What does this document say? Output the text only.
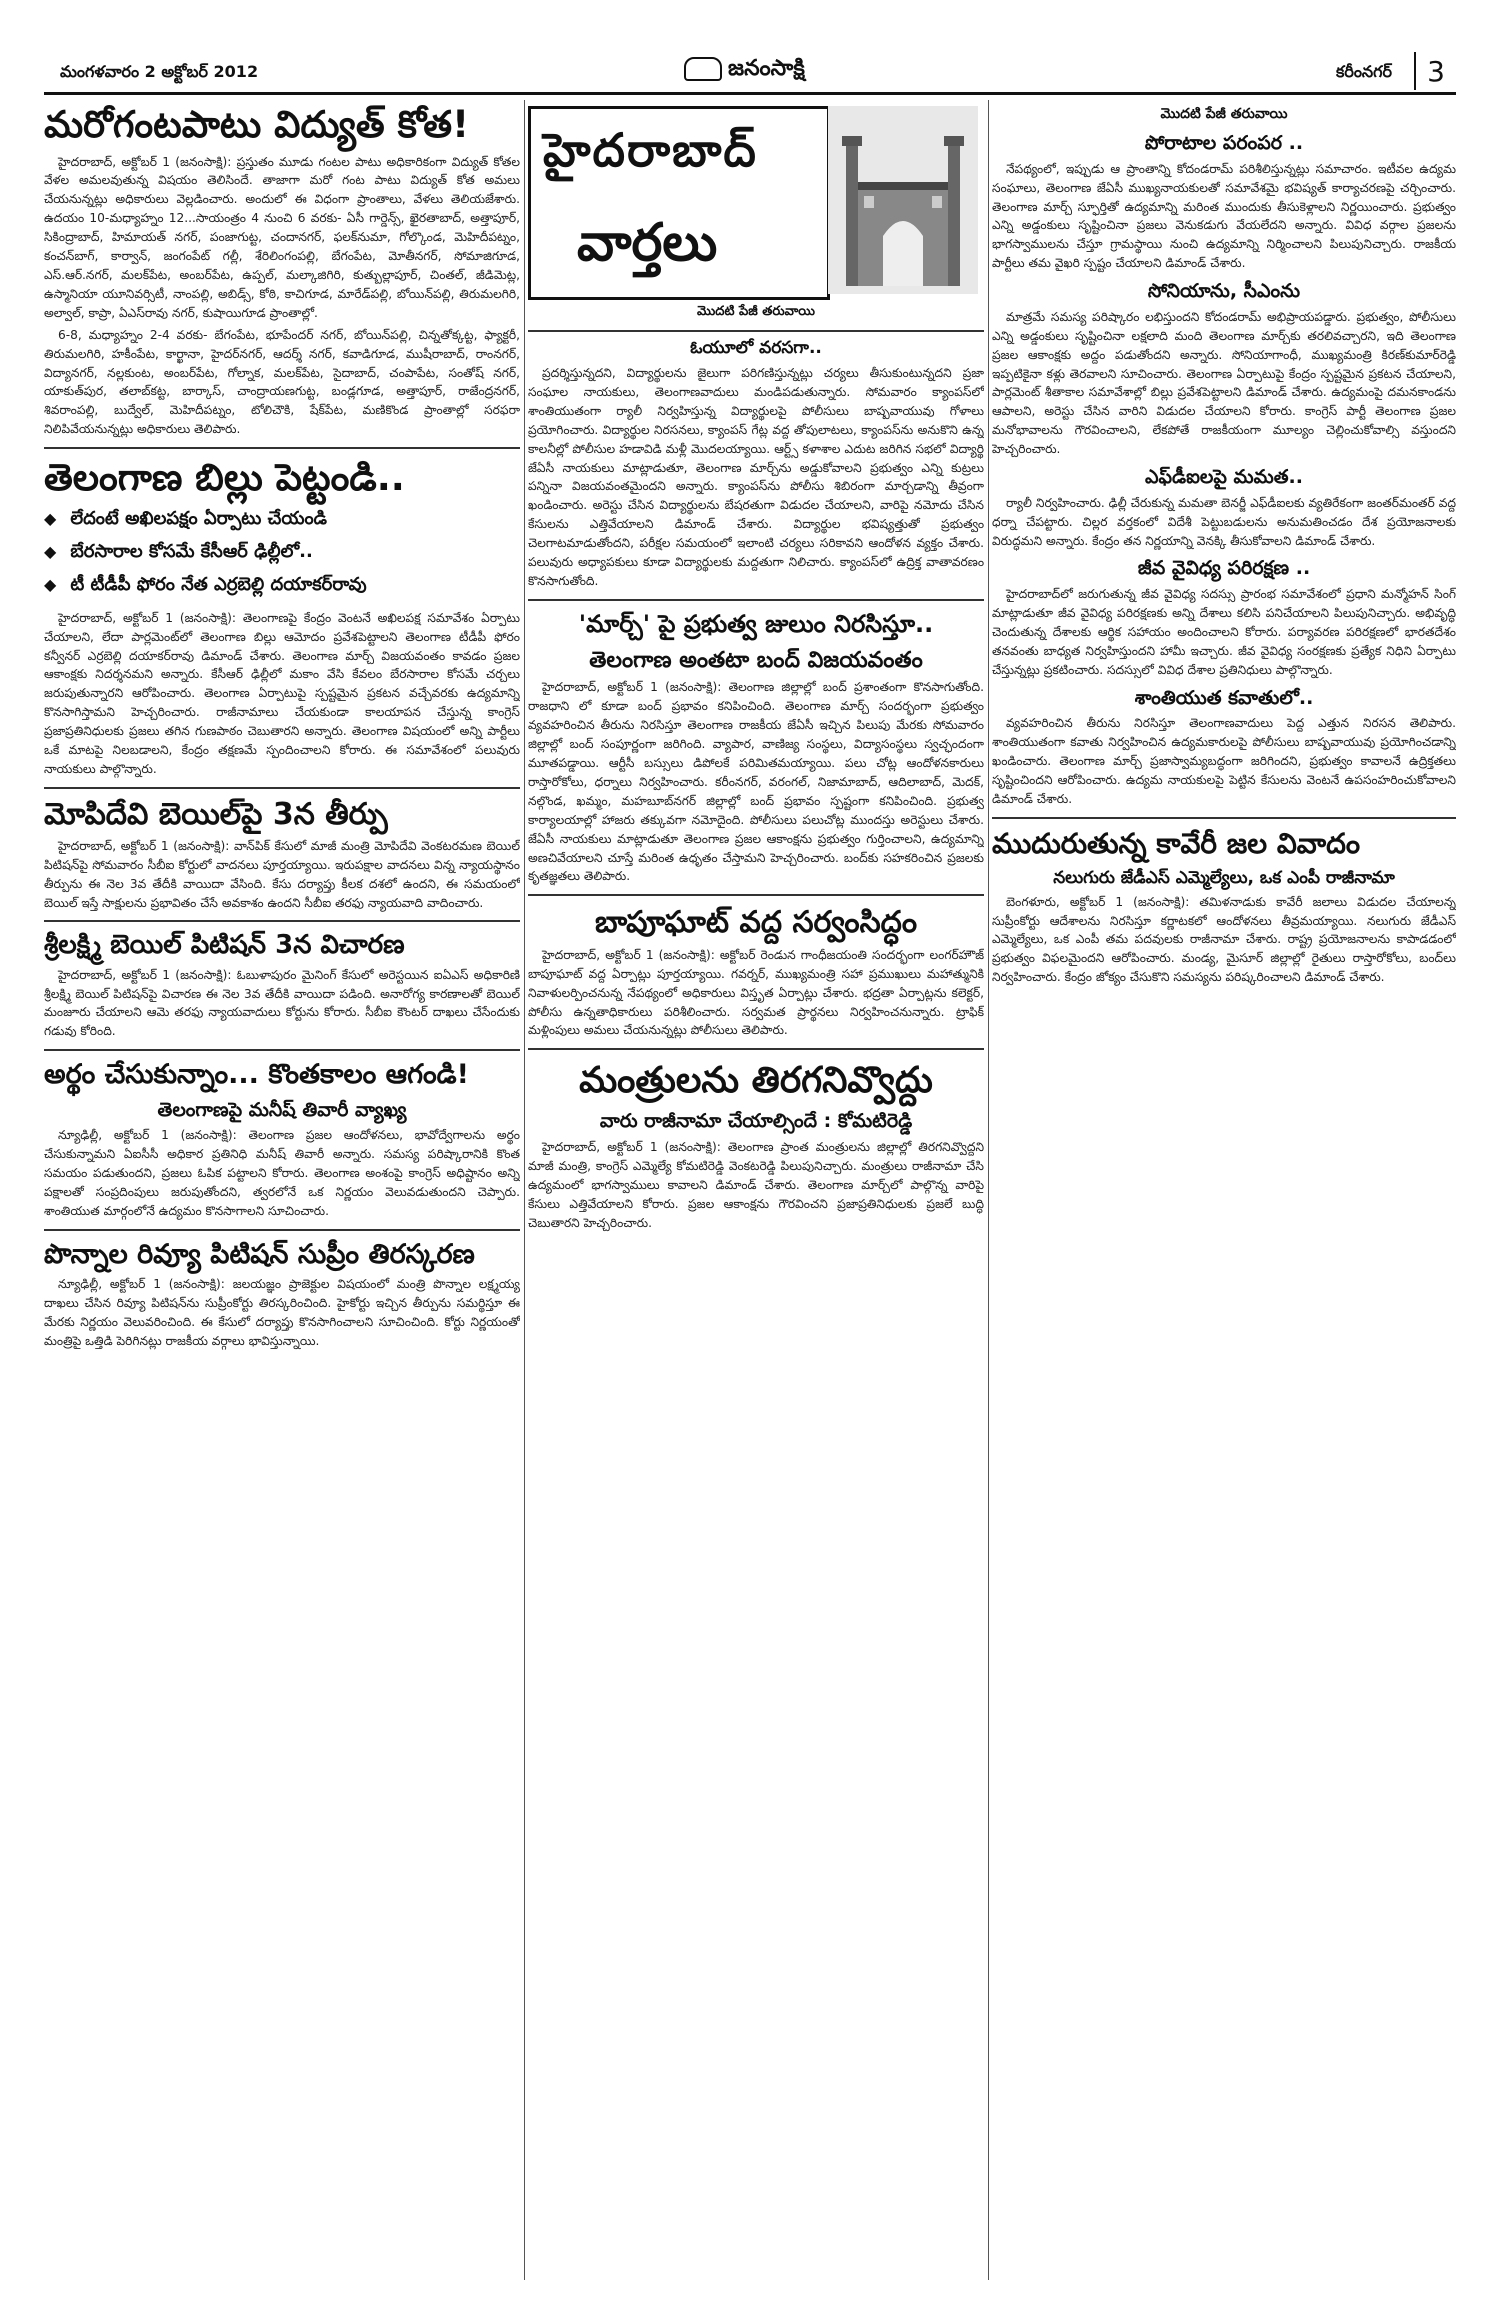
మంగళవారం 2 అక్టోబర్ 2012	జనంసాక్షి	కరీంనగర్	3
మరోగంటపాటు విద్యుత్ కోత!

హైదరాబాద్, అక్టోబర్ 1 (జనంసాక్షి): ప్రస్తుతం మూడు గంటల పాటు అధికారికంగా విద్యుత్ కోతల వేళల అమలవుతున్న విషయం తెలిసిందే. తాజాగా మరో గంట పాటు విద్యుత్ కోత అమలు చేయనున్నట్లు అధికారులు వెల్లడించారు. అందులో ఈ విధంగా ప్రాంతాలు, వేళలు తెలియజేశారు. ఉదయం 10-మధ్యాహ్నం 12...సాయంత్రం 4 నుంచి 6 వరకు- ఏసీ గార్డెన్స్, ఖైరతాబాద్, అత్తాపూర్, సికింద్రాబాద్, హిమాయత్ నగర్, పంజాగుట్ట, చందానగర్, ఫలక్‌నుమా, గోల్కొండ, మెహిదీపట్నం, కంచన్‌బాగ్, కార్వాన్, జంగంపేట్ గల్లీ, శేరిలింగంపల్లి, బేగంపేట, మోతీనగర్, సోమాజిగూడ, ఎస్.ఆర్.నగర్, మలక్‌పేట, అంబర్‌పేట, ఉప్పల్, మల్కాజిగిరి, కుత్బుల్లాపూర్, చింతల్, జీడిమెట్ల, ఉస్మానియా యూనివర్సిటీ, నాంపల్లి, అబిడ్స్, కోఠి, కాచిగూడ, మారేడ్‌పల్లి, బోయిన్‌పల్లి, తిరుమలగిరి, అల్వాల్, కాప్రా, ఏఎస్‌రావు నగర్, కుషాయిగూడ ప్రాంతాల్లో.

6-8, మధ్యాహ్నం 2-4 వరకు- బేగంపేట, భూపేందర్ నగర్, బోయిన్‌పల్లి, చిన్నతోక్కట్ట, ఫ్యాక్టరీ, తిరుమలగిరి, హకీంపేట, కార్ఖానా, హైదర్‌నగర్, ఆదర్శ్ నగర్, కవాడిగూడ, ముషీరాబాద్, రాంనగర్, విద్యానగర్, నల్లకుంట, అంబర్‌పేట, గోల్నాక, మలక్‌పేట, సైదాబాద్, చంపాపేట, సంతోష్ నగర్, యాకుత్‌పుర, తలాబ్‌కట్ట, బార్కాస్, చాంద్రాయణగుట్ట, బండ్లగూడ, అత్తాపూర్, రాజేంద్రనగర్, శివరాంపల్లి, బుద్వేల్, మెహిదీపట్నం, టోలిచౌకి, షేక్‌పేట, మణికొండ ప్రాంతాల్లో సరఫరా నిలిపివేయనున్నట్లు అధికారులు తెలిపారు.

తెలంగాణ బిల్లు పెట్టండి..
◆ లేదంటే అఖిలపక్షం ఏర్పాటు చేయండి
◆ బేరసారాల కోసమే కేసీఆర్ ఢిల్లీలో..
◆ టీ టీడీపీ ఫోరం నేత ఎర్రబెల్లి దయాకర్‌రావు

హైదరాబాద్, అక్టోబర్ 1 (జనంసాక్షి): తెలంగాణపై కేంద్రం వెంటనే అఖిలపక్ష సమావేశం ఏర్పాటు చేయాలని, లేదా పార్లమెంట్‌లో తెలంగాణ బిల్లు ఆమోదం ప్రవేశపెట్టాలని తెలంగాణ టీడీపీ ఫోరం కన్వీనర్ ఎర్రబెల్లి దయాకర్‌రావు డిమాండ్ చేశారు. తెలంగాణ మార్చ్‌ విజయవంతం కావడం ప్రజల ఆకాంక్షకు నిదర్శనమని అన్నారు. కేసీఆర్ ఢిల్లీలో మకాం వేసి కేవలం బేరసారాల కోసమే చర్చలు జరుపుతున్నారని ఆరోపించారు. తెలంగాణ ఏర్పాటుపై స్పష్టమైన ప్రకటన వచ్చేవరకు ఉద్యమాన్ని కొనసాగిస్తామని హెచ్చరించారు. రాజీనామాలు చేయకుండా కాలయాపన చేస్తున్న కాంగ్రెస్ ప్రజాప్రతినిధులకు ప్రజలు తగిన గుణపాఠం చెబుతారని అన్నారు. తెలంగాణ విషయంలో అన్ని పార్టీలు ఒకే మాటపై నిలబడాలని, కేంద్రం తక్షణమే స్పందించాలని కోరారు. ఈ సమావేశంలో పలువురు నాయకులు పాల్గొన్నారు.

మోపిదేవి బెయిల్‌పై 3న తీర్పు

హైదరాబాద్, అక్టోబర్ 1 (జనంసాక్షి): వాన్‌పిక్ కేసులో మాజీ మంత్రి మోపిదేవి వెంకటరమణ బెయిల్ పిటిషన్‌పై సోమవారం సీబీఐ కోర్టులో వాదనలు పూర్తయ్యాయి. ఇరుపక్షాల వాదనలు విన్న న్యాయస్థానం తీర్పును ఈ నెల 3వ తేదీకి వాయిదా వేసింది. కేసు దర్యాప్తు కీలక దశలో ఉందని, ఈ సమయంలో బెయిల్ ఇస్తే సాక్షులను ప్రభావితం చేసే అవకాశం ఉందని సీబీఐ తరఫు న్యాయవాది వాదించారు.

శ్రీలక్ష్మి బెయిల్ పిటిషన్ 3న విచారణ

హైదరాబాద్, అక్టోబర్ 1 (జనంసాక్షి): ఓబుళాపురం మైనింగ్ కేసులో అరెస్టయిన ఐఏఎస్ అధికారిణి శ్రీలక్ష్మి బెయిల్ పిటిషన్‌పై విచారణ ఈ నెల 3వ తేదీకి వాయిదా పడింది. అనారోగ్య కారణాలతో బెయిల్ మంజూరు చేయాలని ఆమె తరఫు న్యాయవాదులు కోర్టును కోరారు. సీబీఐ కౌంటర్ దాఖలు చేసేందుకు గడువు కోరింది.

అర్థం చేసుకున్నాం... కొంతకాలం ఆగండి!
తెలంగాణపై మనీష్ తివారీ వ్యాఖ్య

న్యూఢిల్లీ, అక్టోబర్ 1 (జనంసాక్షి): తెలంగాణ ప్రజల ఆందోళనలు, భావోద్వేగాలను అర్థం చేసుకున్నామని ఏఐసీసీ అధికార ప్రతినిధి మనీష్ తివారీ అన్నారు. సమస్య పరిష్కారానికి కొంత సమయం పడుతుందని, ప్రజలు ఓపిక పట్టాలని కోరారు. తెలంగాణ అంశంపై కాంగ్రెస్ అధిష్టానం అన్ని పక్షాలతో సంప్రదింపులు జరుపుతోందని, త్వరలోనే ఒక నిర్ణయం వెలువడుతుందని చెప్పారు. శాంతియుత మార్గంలోనే ఉద్యమం కొనసాగాలని సూచించారు.

పొన్నాల రివ్యూ పిటిషన్ సుప్రీం తిరస్కరణ

న్యూఢిల్లీ, అక్టోబర్ 1 (జనంసాక్షి): జలయజ్ఞం ప్రాజెక్టుల విషయంలో మంత్రి పొన్నాల లక్ష్మయ్య దాఖలు చేసిన రివ్యూ పిటిషన్‌ను సుప్రీంకోర్టు తిరస్కరించింది. హైకోర్టు ఇచ్చిన తీర్పును సమర్థిస్తూ ఈ మేరకు నిర్ణయం వెలువరించింది. ఈ కేసులో దర్యాప్తు కొనసాగించాలని సూచించింది. కోర్టు నిర్ణయంతో మంత్రిపై ఒత్తిడి పెరిగినట్లు రాజకీయ వర్గాలు భావిస్తున్నాయి.

హైదరాబాద్
వార్తలు
మొదటి పేజీ తరువాయి
ఓయూలో వరసగా..

ప్రదర్శిస్తున్నదని, విద్యార్థులను జైలుగా పరిగణిస్తున్నట్లు చర్యలు తీసుకుంటున్నదని ప్రజా సంఘాల నాయకులు, తెలంగాణవాదులు మండిపడుతున్నారు. సోమవారం క్యాంపస్‌లో శాంతియుతంగా ర్యాలీ నిర్వహిస్తున్న విద్యార్థులపై పోలీసులు బాష్పవాయువు గోళాలు ప్రయోగించారు. విద్యార్థుల నిరసనలు, క్యాంపస్ గేట్ల వద్ద తోపులాటలు, క్యాంపస్‌ను అనుకొని ఉన్న కాలనీల్లో పోలీసుల హడావిడి మళ్లీ మొదలయ్యాయి. ఆర్ట్స్ కళాశాల ఎదుట జరిగిన సభలో విద్యార్థి జేఏసీ నాయకులు మాట్లాడుతూ, తెలంగాణ మార్చ్‌ను అడ్డుకోవాలని ప్రభుత్వం ఎన్ని కుట్రలు పన్నినా విజయవంతమైందని అన్నారు. క్యాంపస్‌ను పోలీసు శిబిరంగా మార్చడాన్ని తీవ్రంగా ఖండించారు. అరెస్టు చేసిన విద్యార్థులను బేషరతుగా విడుదల చేయాలని, వారిపై నమోదు చేసిన కేసులను ఎత్తివేయాలని డిమాండ్ చేశారు. విద్యార్థుల భవిష్యత్తుతో ప్రభుత్వం చెలగాటమాడుతోందని, పరీక్షల సమయంలో ఇలాంటి చర్యలు సరికావని ఆందోళన వ్యక్తం చేశారు. పలువురు అధ్యాపకులు కూడా విద్యార్థులకు మద్దతుగా నిలిచారు. క్యాంపస్‌లో ఉద్రిక్త వాతావరణం కొనసాగుతోంది.

'మార్చ్' పై ప్రభుత్వ జులుం నిరసిస్తూ..
తెలంగాణ అంతటా బంద్ విజయవంతం

హైదరాబాద్, అక్టోబర్ 1 (జనంసాక్షి): తెలంగాణ జిల్లాల్లో బంద్ ప్రశాంతంగా కొనసాగుతోంది. రాజధాని లో కూడా బంద్ ప్రభావం కనిపించింది. తెలంగాణ మార్చ్‌ సందర్భంగా ప్రభుత్వం వ్యవహరించిన తీరును నిరసిస్తూ తెలంగాణ రాజకీయ జేఏసీ ఇచ్చిన పిలుపు మేరకు సోమవారం జిల్లాల్లో బంద్ సంపూర్ణంగా జరిగింది. వ్యాపార, వాణిజ్య సంస్థలు, విద్యాసంస్థలు స్వచ్ఛందంగా మూతపడ్డాయి. ఆర్టీసీ బస్సులు డిపోలకే పరిమితమయ్యాయి. పలు చోట్ల ఆందోళనకారులు రాస్తారోకోలు, ధర్నాలు నిర్వహించారు. కరీంనగర్, వరంగల్, నిజామాబాద్, ఆదిలాబాద్, మెదక్, నల్గొండ, ఖమ్మం, మహబూబ్‌నగర్ జిల్లాల్లో బంద్ ప్రభావం స్పష్టంగా కనిపించింది. ప్రభుత్వ కార్యాలయాల్లో హాజరు తక్కువగా నమోదైంది. పోలీసులు పలుచోట్ల ముందస్తు అరెస్టులు చేశారు. జేఏసీ నాయకులు మాట్లాడుతూ తెలంగాణ ప్రజల ఆకాంక్షను ప్రభుత్వం గుర్తించాలని, ఉద్యమాన్ని అణచివేయాలని చూస్తే మరింత ఉధృతం చేస్తామని హెచ్చరించారు. బంద్‌కు సహకరించిన ప్రజలకు కృతజ్ఞతలు తెలిపారు.

బాపూఘాట్ వద్ద సర్వంసిద్ధం

హైదరాబాద్, అక్టోబర్ 1 (జనంసాక్షి): అక్టోబర్ రెండున గాంధీజయంతి సందర్భంగా లంగర్‌హౌజ్ బాపూఘాట్ వద్ద ఏర్పాట్లు పూర్తయ్యాయి. గవర్నర్, ముఖ్యమంత్రి సహా ప్రముఖులు మహాత్మునికి నివాళులర్పించనున్న నేపథ్యంలో అధికారులు విస్తృత ఏర్పాట్లు చేశారు. భద్రతా ఏర్పాట్లను కలెక్టర్, పోలీసు ఉన్నతాధికారులు పరిశీలించారు. సర్వమత ప్రార్థనలు నిర్వహించనున్నారు. ట్రాఫిక్ మళ్లింపులు అమలు చేయనున్నట్లు పోలీసులు తెలిపారు.

మంత్రులను తిరగనివ్వొద్దు
వారు రాజీనామా చేయాల్సిందే : కోమటిరెడ్డి

హైదరాబాద్, అక్టోబర్ 1 (జనంసాక్షి): తెలంగాణ ప్రాంత మంత్రులను జిల్లాల్లో తిరగనివ్వొద్దని మాజీ మంత్రి, కాంగ్రెస్ ఎమ్మెల్యే కోమటిరెడ్డి వెంకటరెడ్డి పిలుపునిచ్చారు. మంత్రులు రాజీనామా చేసి ఉద్యమంలో భాగస్వాములు కావాలని డిమాండ్ చేశారు. తెలంగాణ మార్చ్‌లో పాల్గొన్న వారిపై కేసులు ఎత్తివేయాలని కోరారు. ప్రజల ఆకాంక్షను గౌరవించని ప్రజాప్రతినిధులకు ప్రజలే బుద్ధి చెబుతారని హెచ్చరించారు.

మొదటి పేజీ తరువాయి
పోరాటాల పరంపర ..

నేపథ్యంలో, ఇప్పుడు ఆ ప్రాంతాన్ని కోదండరామ్ పరిశీలిస్తున్నట్లు సమాచారం. ఇటీవల ఉద్యమ సంఘాలు, తెలంగాణ జేఏసీ ముఖ్యనాయకులతో సమావేశమై భవిష్యత్ కార్యాచరణపై చర్చించారు. తెలంగాణ మార్చ్‌ స్ఫూర్తితో ఉద్యమాన్ని మరింత ముందుకు తీసుకెళ్లాలని నిర్ణయించారు. ప్రభుత్వం ఎన్ని అడ్డంకులు సృష్టించినా ప్రజలు వెనుకడుగు వేయలేదని అన్నారు. వివిధ వర్గాల ప్రజలను భాగస్వాములను చేస్తూ గ్రామస్థాయి నుంచి ఉద్యమాన్ని నిర్మించాలని పిలుపునిచ్చారు. రాజకీయ పార్టీలు తమ వైఖరి స్పష్టం చేయాలని డిమాండ్ చేశారు.

సోనియాను, సీఎంను

మాత్రమే సమస్య పరిష్కారం లభిస్తుందని కోదండరామ్ అభిప్రాయపడ్డారు. ప్రభుత్వం, పోలీసులు ఎన్ని అడ్డంకులు సృష్టించినా లక్షలాది మంది తెలంగాణ మార్చ్‌కు తరలివచ్చారని, ఇది తెలంగాణ ప్రజల ఆకాంక్షకు అద్దం పడుతోందని అన్నారు. సోనియాగాంధీ, ముఖ్యమంత్రి కిరణ్‌కుమార్‌రెడ్డి ఇప్పటికైనా కళ్లు తెరవాలని సూచించారు. తెలంగాణ ఏర్పాటుపై కేంద్రం స్పష్టమైన ప్రకటన చేయాలని, పార్లమెంట్ శీతాకాల సమావేశాల్లో బిల్లు ప్రవేశపెట్టాలని డిమాండ్ చేశారు. ఉద్యమంపై దమనకాండను ఆపాలని, అరెస్టు చేసిన వారిని విడుదల చేయాలని కోరారు. కాంగ్రెస్ పార్టీ తెలంగాణ ప్రజల మనోభావాలను గౌరవించాలని, లేకపోతే రాజకీయంగా మూల్యం చెల్లించుకోవాల్సి వస్తుందని హెచ్చరించారు.

ఎఫ్‌డీఐలపై మమత..

ర్యాలీ నిర్వహించారు. ఢిల్లీ చేరుకున్న మమతా బెనర్జీ ఎఫ్‌డీఐలకు వ్యతిరేకంగా జంతర్‌మంతర్ వద్ద ధర్నా చేపట్టారు. చిల్లర వర్తకంలో విదేశీ పెట్టుబడులను అనుమతించడం దేశ ప్రయోజనాలకు విరుద్ధమని అన్నారు. కేంద్రం తన నిర్ణయాన్ని వెనక్కి తీసుకోవాలని డిమాండ్ చేశారు.

జీవ వైవిధ్య పరిరక్షణ ..

హైదరాబాద్‌లో జరుగుతున్న జీవ వైవిధ్య సదస్సు ప్రారంభ సమావేశంలో ప్రధాని మన్మోహన్ సింగ్ మాట్లాడుతూ జీవ వైవిధ్య పరిరక్షణకు అన్ని దేశాలు కలిసి పనిచేయాలని పిలుపునిచ్చారు. అభివృద్ధి చెందుతున్న దేశాలకు ఆర్థిక సహాయం అందించాలని కోరారు. పర్యావరణ పరిరక్షణలో భారతదేశం తనవంతు బాధ్యత నిర్వహిస్తుందని హామీ ఇచ్చారు. జీవ వైవిధ్య సంరక్షణకు ప్రత్యేక నిధిని ఏర్పాటు చేస్తున్నట్లు ప్రకటించారు. సదస్సులో వివిధ దేశాల ప్రతినిధులు పాల్గొన్నారు.

శాంతియుత కవాతులో..

వ్యవహరించిన తీరును నిరసిస్తూ తెలంగాణవాదులు పెద్ద ఎత్తున నిరసన తెలిపారు. శాంతియుతంగా కవాతు నిర్వహించిన ఉద్యమకారులపై పోలీసులు బాష్పవాయువు ప్రయోగించడాన్ని ఖండించారు. తెలంగాణ మార్చ్‌ ప్రజాస్వామ్యబద్ధంగా జరిగిందని, ప్రభుత్వం కావాలనే ఉద్రిక్తతలు సృష్టించిందని ఆరోపించారు. ఉద్యమ నాయకులపై పెట్టిన కేసులను వెంటనే ఉపసంహరించుకోవాలని డిమాండ్ చేశారు.

ముదురుతున్న కావేరీ జల వివాదం
నలుగురు జేడీఎస్ ఎమ్మెల్యేలు, ఒక ఎంపీ రాజీనామా

బెంగళూరు, అక్టోబర్ 1 (జనంసాక్షి): తమిళనాడుకు కావేరీ జలాలు విడుదల చేయాలన్న సుప్రీంకోర్టు ఆదేశాలను నిరసిస్తూ కర్ణాటకలో ఆందోళనలు తీవ్రమయ్యాయి. నలుగురు జేడీఎస్ ఎమ్మెల్యేలు, ఒక ఎంపీ తమ పదవులకు రాజీనామా చేశారు. రాష్ట్ర ప్రయోజనాలను కాపాడడంలో ప్రభుత్వం విఫలమైందని ఆరోపించారు. మండ్య, మైసూర్ జిల్లాల్లో రైతులు రాస్తారోకోలు, బంద్‌లు నిర్వహించారు. కేంద్రం జోక్యం చేసుకొని సమస్యను పరిష్కరించాలని డిమాండ్ చేశారు.
